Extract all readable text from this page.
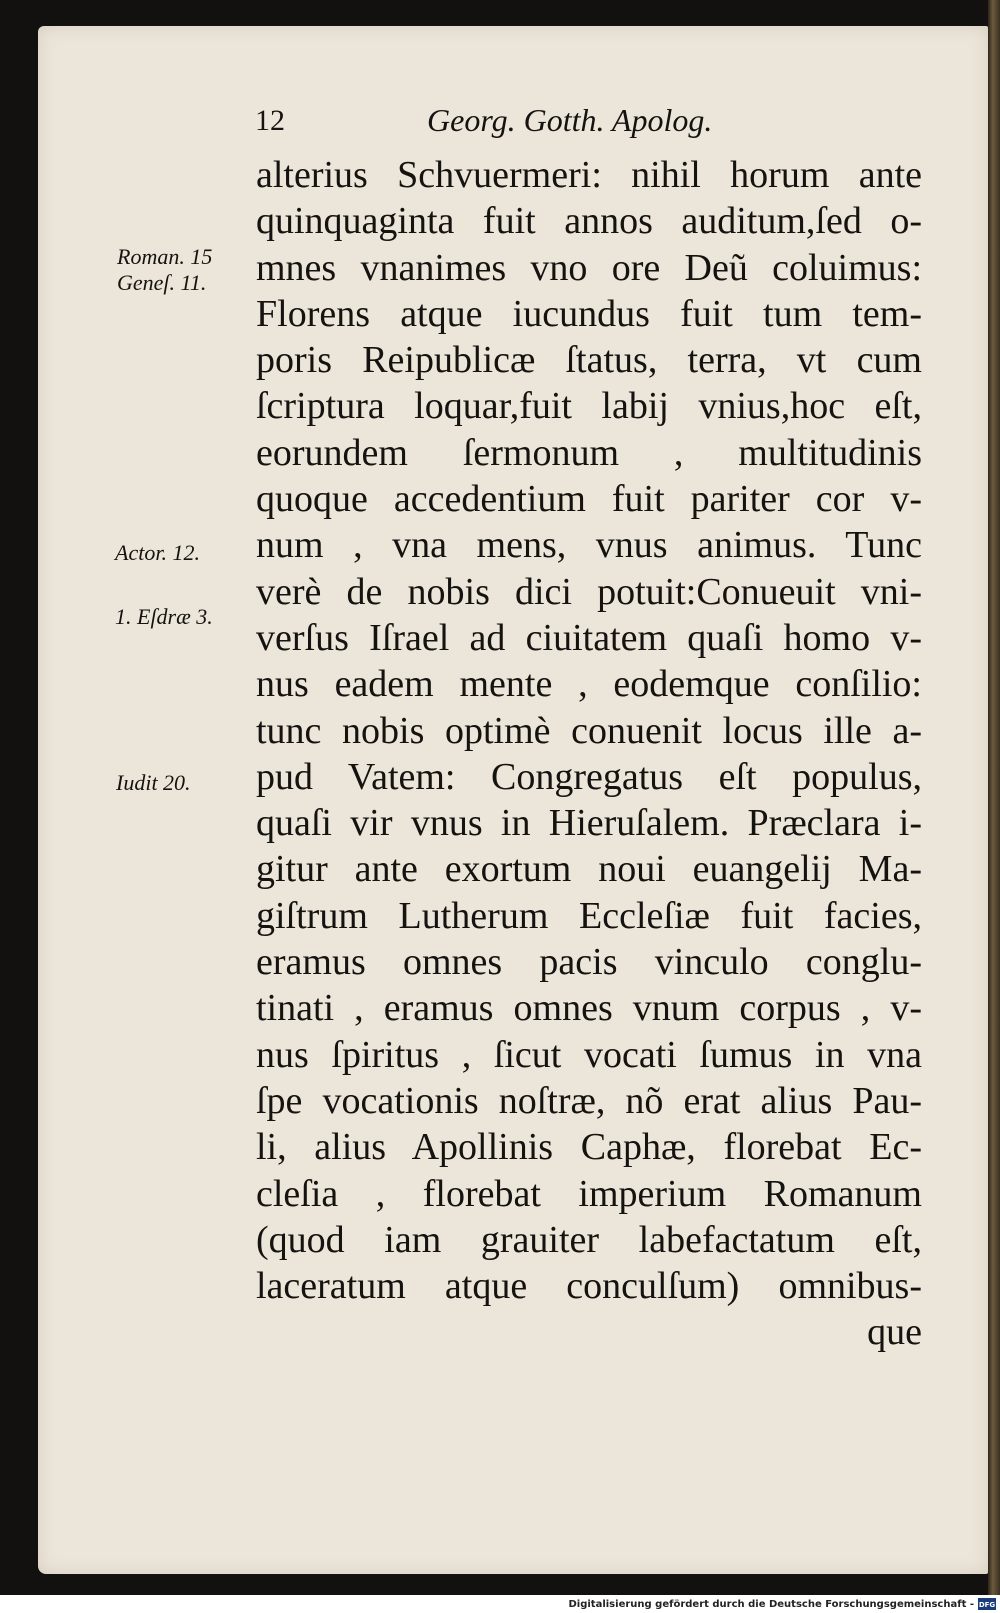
12	Georg. Gotth. Apolog.
alterius Schvuermeri: nihil horum ante
quinquaginta fuit annos auditum,ſed o-
mnes vnanimes vno ore Deũ coluimus:
Florens atque iucundus fuit tum tem-
poris Reipublicæ ſtatus, terra, vt cum
ſcriptura loquar,fuit labij vnius,hoc eſt,
eorundem ſermonum , multitudinis
quoque accedentium fuit pariter cor v-
num , vna mens, vnus animus. Tunc
verè de nobis dici potuit:Conueuit vni-
verſus Iſrael ad ciuitatem quaſi homo v-
nus eadem mente , eodemque conſilio:
tunc nobis optimè conuenit locus ille a-
pud Vatem: Congregatus eſt populus,
quaſi vir vnus in Hieruſalem. Præclara i-
gitur ante exortum noui euangelij Ma-
giſtrum Lutherum Eccleſiæ fuit facies,
eramus omnes pacis vinculo conglu-
tinati , eramus omnes vnum corpus , v-
nus ſpiritus , ſicut vocati ſumus in vna
ſpe vocationis noſtræ, nõ erat alius Pau-
li, alius Apollinis Caphæ, florebat Ec-
cleſia , florebat imperium Romanum
(quod iam grauiter labefactatum eſt,
laceratum atque conculſum) omnibus-
que
Roman. 15
Geneſ. 11.
Actor. 12.
1. Eſdræ 3.
Iudit 20.
Digitalisierung gefördert durch die Deutsche Forschungsgemeinschaft - DFG
